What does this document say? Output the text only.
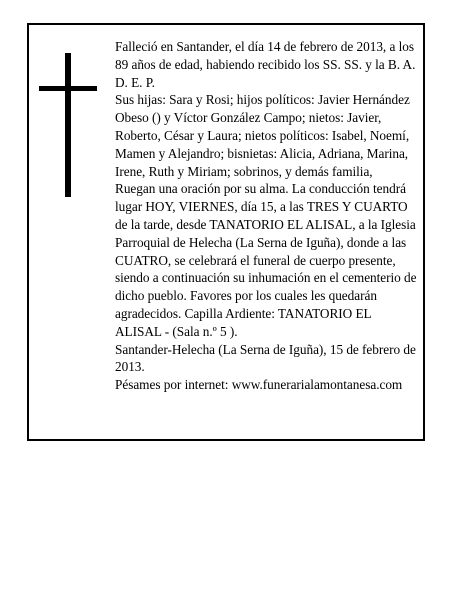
Falleció en Santander, el día 14 de febrero de 2013, a los 89 años de edad, habiendo recibido los SS. SS. y la B. A.

D. E. P.

Sus hijas: Sara y Rosi; hijos políticos: Javier Hernández Obeso () y Víctor González Campo; nietos: Javier, Roberto, César y Laura; nietos políticos: Isabel, Noemí, Mamen y Alejandro; bisnietas: Alicia, Adriana, Marina, Irene, Ruth y Miriam; sobrinos, y demás familia,

Ruegan una oración por su alma. La conducción tendrá lugar HOY, VIERNES, día 15, a las TRES Y CUARTO de la tarde, desde TANATORIO EL ALISAL, a la Iglesia Parroquial de Helecha (La Serna de Iguña), donde a las CUATRO, se celebrará el funeral de cuerpo presente, siendo a continuación su inhumación en el cementerio de dicho pueblo. Favores por los cuales les quedarán agradecidos. Capilla Ardiente: TANATORIO EL ALISAL - (Sala n.º 5 ).

Santander-Helecha (La Serna de Iguña), 15 de febrero de 2013.

Pésames por internet: www.funerarialamontanesa.com
